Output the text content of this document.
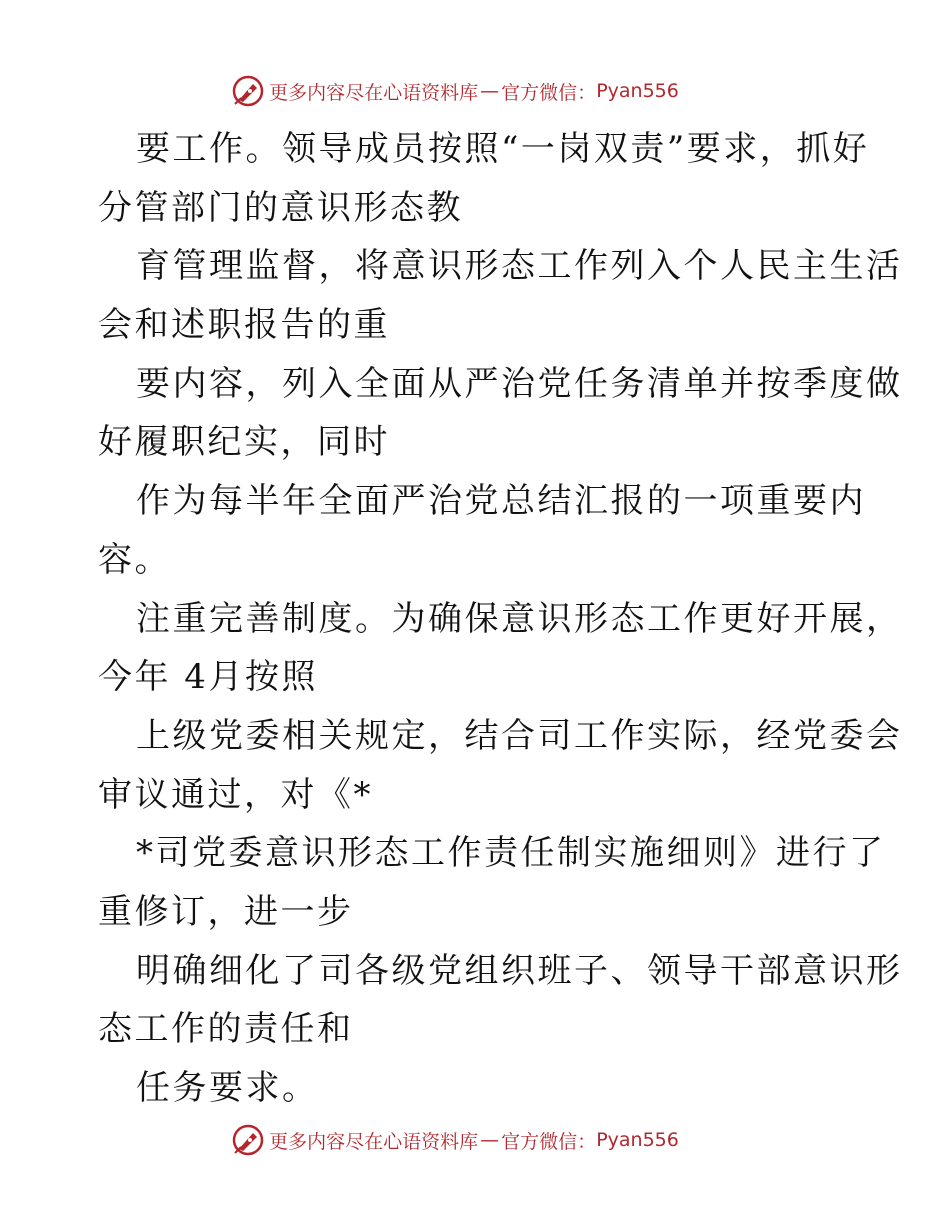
更多内容尽在心语资料库 — 官方微信： Pyan556
要工作。领导成员按照“一岗双责”要求，抓好
分管部门的意识形态教
育管理监督，将意识形态工作列入个人民主生活
会和述职报告的重
要内容，列入全面从严治党任务清单并按季度做
好履职纪实，同时
作为每半年全面严治党总结汇报的一项重要内
容。
注重完善制度。为确保意识形态工作更好开展，
今年 4月按照
上级党委相关规定，结合司工作实际，经党委会
审议通过，对《*
*司党委意识形态工作责任制实施细则》进行了
重修订，进一步
明确细化了司各级党组织班子、领导干部意识形
态工作的责任和
任务要求。
更多内容尽在心语资料库 — 官方微信： Pyan556
